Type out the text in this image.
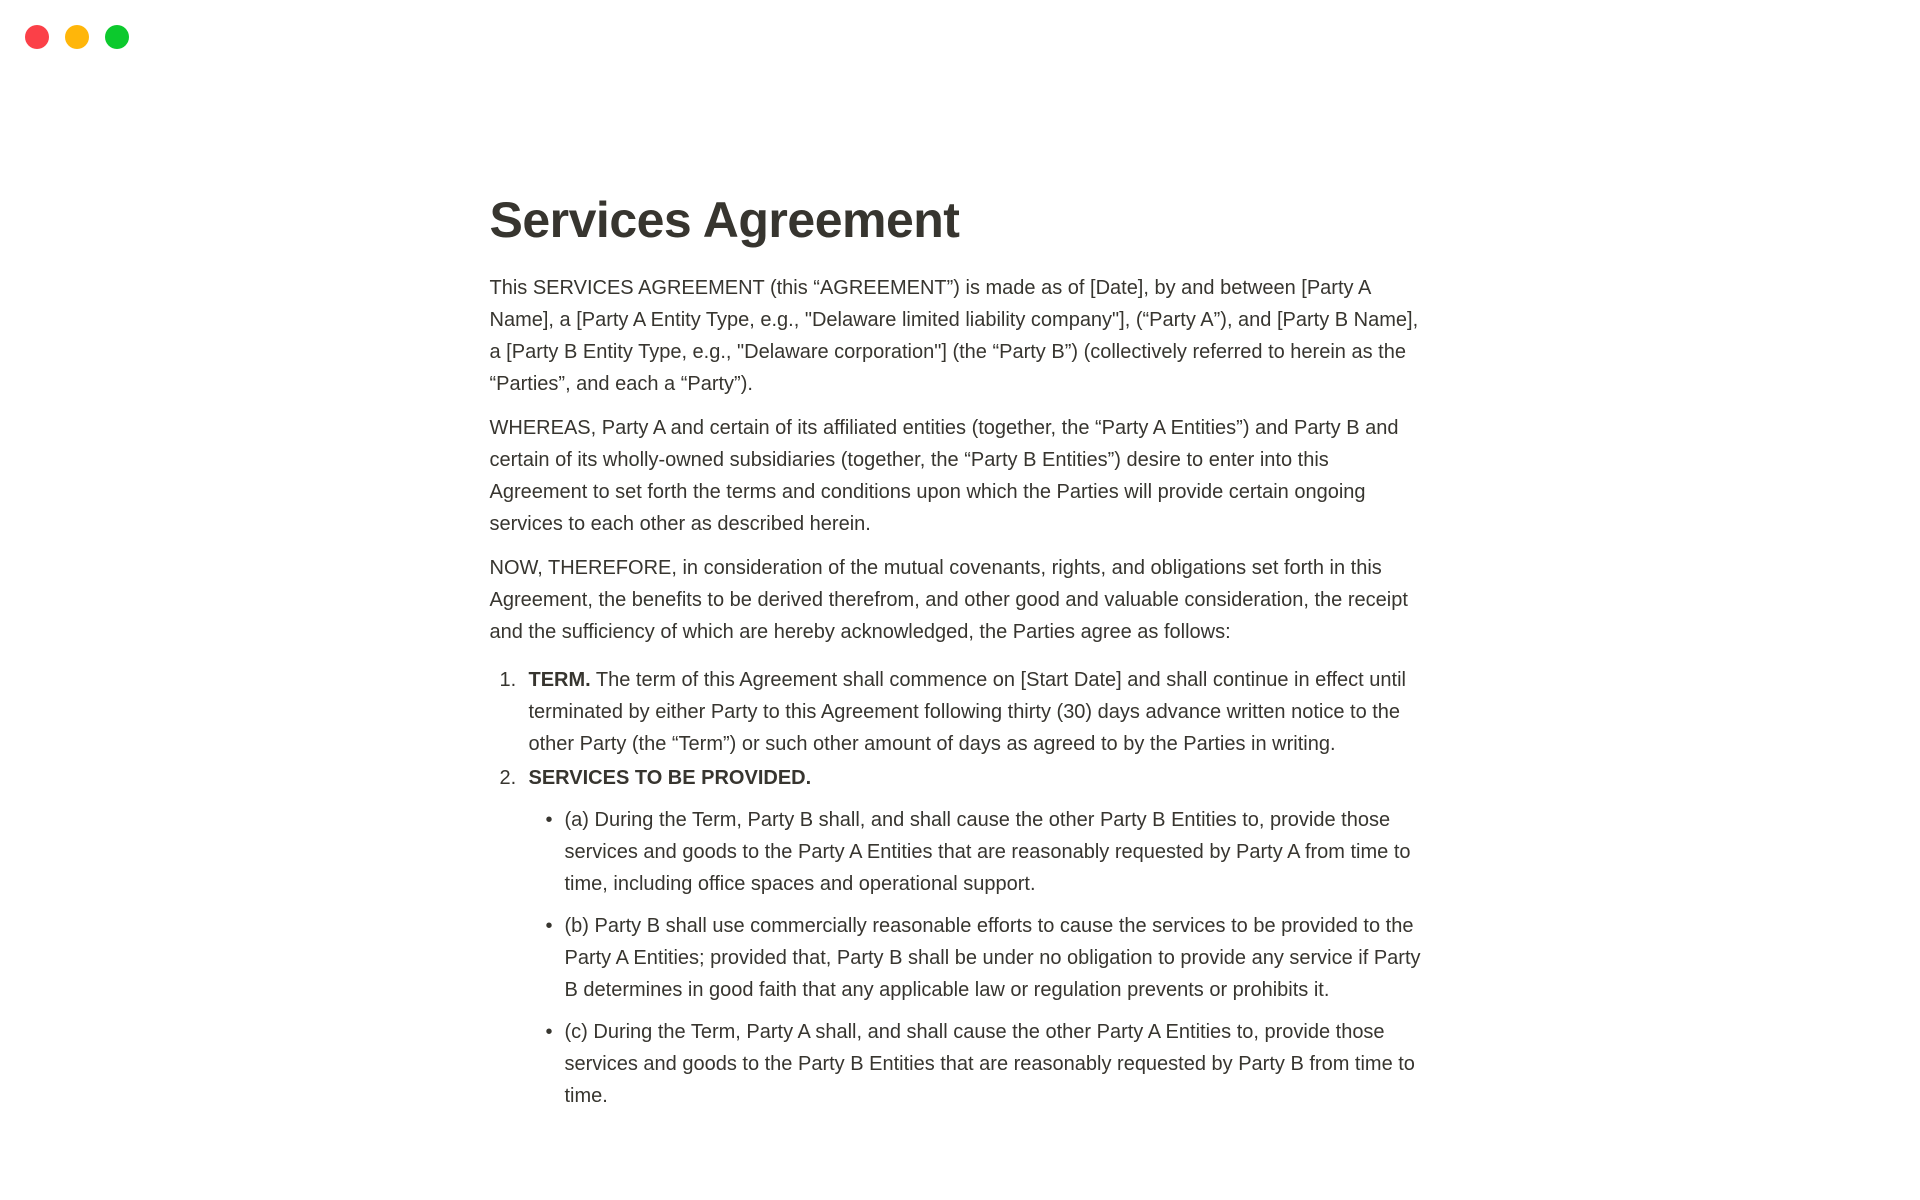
Services Agreement

This SERVICES AGREEMENT (this “AGREEMENT”) is made as of [Date], by and between [Party A Name], a [Party A Entity Type, e.g., "Delaware limited liability company"], (“Party A”), and [Party B Name], a [Party B Entity Type, e.g., "Delaware corporation"] (the “Party B”) (collectively referred to herein as the “Parties”, and each a “Party”).

WHEREAS, Party A and certain of its affiliated entities (together, the “Party A Entities”) and Party B and certain of its wholly-owned subsidiaries (together, the “Party B Entities”) desire to enter into this Agreement to set forth the terms and conditions upon which the Parties will provide certain ongoing services to each other as described herein.

NOW, THEREFORE, in consideration of the mutual covenants, rights, and obligations set forth in this Agreement, the benefits to be derived therefrom, and other good and valuable consideration, the receipt and the sufficiency of which are hereby acknowledged, the Parties agree as follows:

1. TERM. The term of this Agreement shall commence on [Start Date] and shall continue in effect until terminated by either Party to this Agreement following thirty (30) days advance written notice to the other Party (the “Term”) or such other amount of days as agreed to by the Parties in writing.
2. SERVICES TO BE PROVIDED.
• (a) During the Term, Party B shall, and shall cause the other Party B Entities to, provide those services and goods to the Party A Entities that are reasonably requested by Party A from time to time, including office spaces and operational support.
• (b) Party B shall use commercially reasonable efforts to cause the services to be provided to the Party A Entities; provided that, Party B shall be under no obligation to provide any service if Party B determines in good faith that any applicable law or regulation prevents or prohibits it.
• (c) During the Term, Party A shall, and shall cause the other Party A Entities to, provide those services and goods to the Party B Entities that are reasonably requested by Party B from time to time.
